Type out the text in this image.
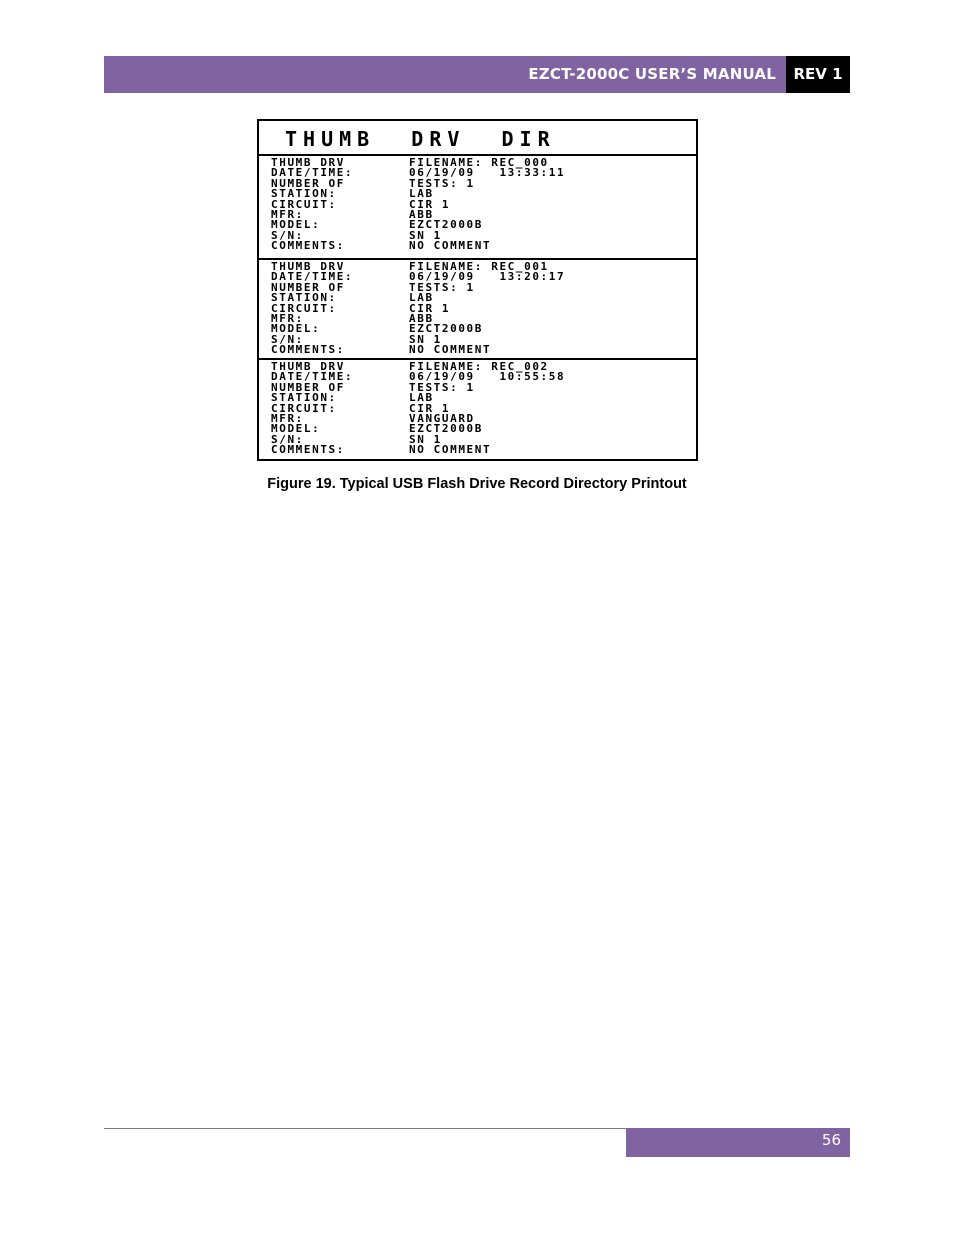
EZCT-2000C USER’S MANUAL	REV 1
THUMB  DRV  DIR
THUMB DRV	FILENAME: REC_000
DATE/TIME:	06/19/09   13:33:11
NUMBER OF	TESTS: 1
STATION:	LAB
CIRCUIT:	CIR 1
MFR:	ABB
MODEL:	EZCT2000B
S/N:	SN 1
COMMENTS:	NO COMMENT
THUMB DRV	FILENAME: REC_001
DATE/TIME:	06/19/09   13:20:17
NUMBER OF	TESTS: 1
STATION:	LAB
CIRCUIT:	CIR 1
MFR:	ABB
MODEL:	EZCT2000B
S/N:	SN 1
COMMENTS:	NO COMMENT
THUMB DRV	FILENAME: REC_002
DATE/TIME:	06/19/09   10:55:58
NUMBER OF	TESTS: 1
STATION:	LAB
CIRCUIT:	CIR 1
MFR:	VANGUARD
MODEL:	EZCT2000B
S/N:	SN 1
COMMENTS:	NO COMMENT
Figure 19. Typical USB Flash Drive Record Directory Printout
56
